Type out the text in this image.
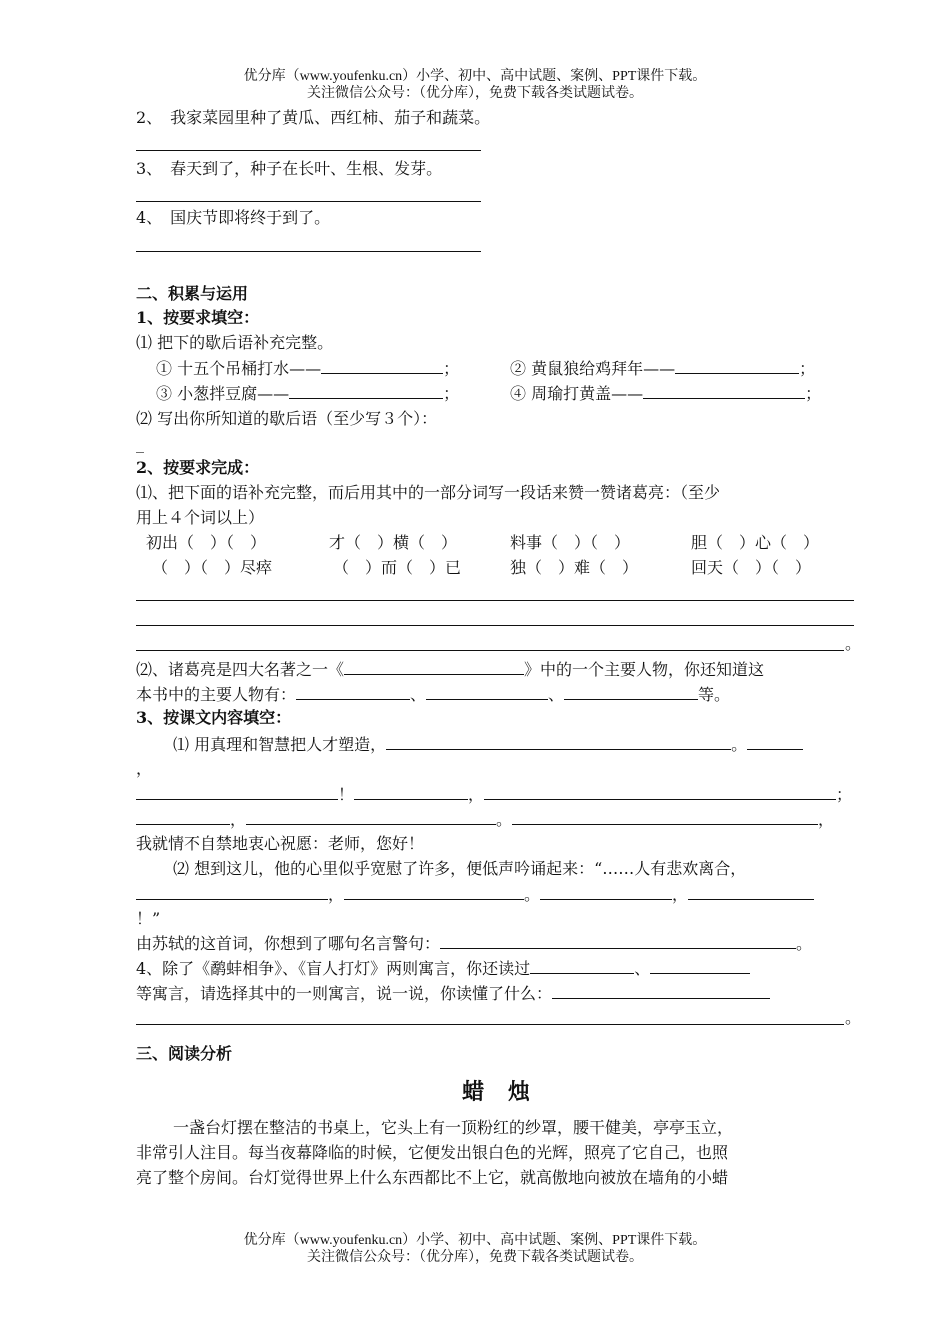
优分库（www.youfenku.cn）小学、初中、高中试题、案例、PPT课件下载。
关注微信公众号：（优分库），免费下载各类试题试卷。
2、　我家菜园里种了黄瓜、西红柿、茄子和蔬菜。
3、　春天到了，种子在长叶、生根、发芽。
4、　国庆节即将终于到了。
二、积累与运用
1、按要求填空：
⑴ 把下的歇后语补充完整。
① 十五个吊桶打水——	；	② 黄鼠狼给鸡拜年——	；
③ 小葱拌豆腐——	；	④ 周瑜打黄盖——	；
⑵ 写出你所知道的歇后语（至少写３个）：
_
2、按要求完成：
⑴、把下面的语补充完整，而后用其中的一部分词写一段话来赞一赞诸葛亮：（至少
用上４个词以上）
初出（　）（　）	才（　）横（　）	料事（　）（　）	胆（　）心（　）
（　）（　）尽瘁	（　）而（　）已	独（　）难（　）	回天（　）（　）
。
⑵、诸葛亮是四大名著之一《	》中的一个主要人物，你还知道这
本书中的主要人物有：	、	、	等。
3、按课文内容填空：
⑴ 用真理和智慧把人才塑造，	。
，
！	，	；
，	。	，
我就情不自禁地衷心祝愿：老师，您好！
⑵ 想到这儿，他的心里似乎宽慰了许多，便低声吟诵起来：“……人有悲欢离合，
，	。	，
！”
由苏轼的这首词，你想到了哪句名言警句：	。
4、除了《鹬蚌相争》、《盲人打灯》两则寓言，你还读过	、
等寓言，请选择其中的一则寓言，说一说，你读懂了什么：
。
三、阅读分析
蜡 烛
一盏台灯摆在整洁的书桌上，它头上有一顶粉红的纱罩，腰干健美，亭亭玉立，
非常引人注目。每当夜幕降临的时候，它便发出银白色的光辉，照亮了它自己，也照
亮了整个房间。台灯觉得世界上什么东西都比不上它，就高傲地向被放在墙角的小蜡
优分库（www.youfenku.cn）小学、初中、高中试题、案例、PPT课件下载。
关注微信公众号：（优分库），免费下载各类试题试卷。
